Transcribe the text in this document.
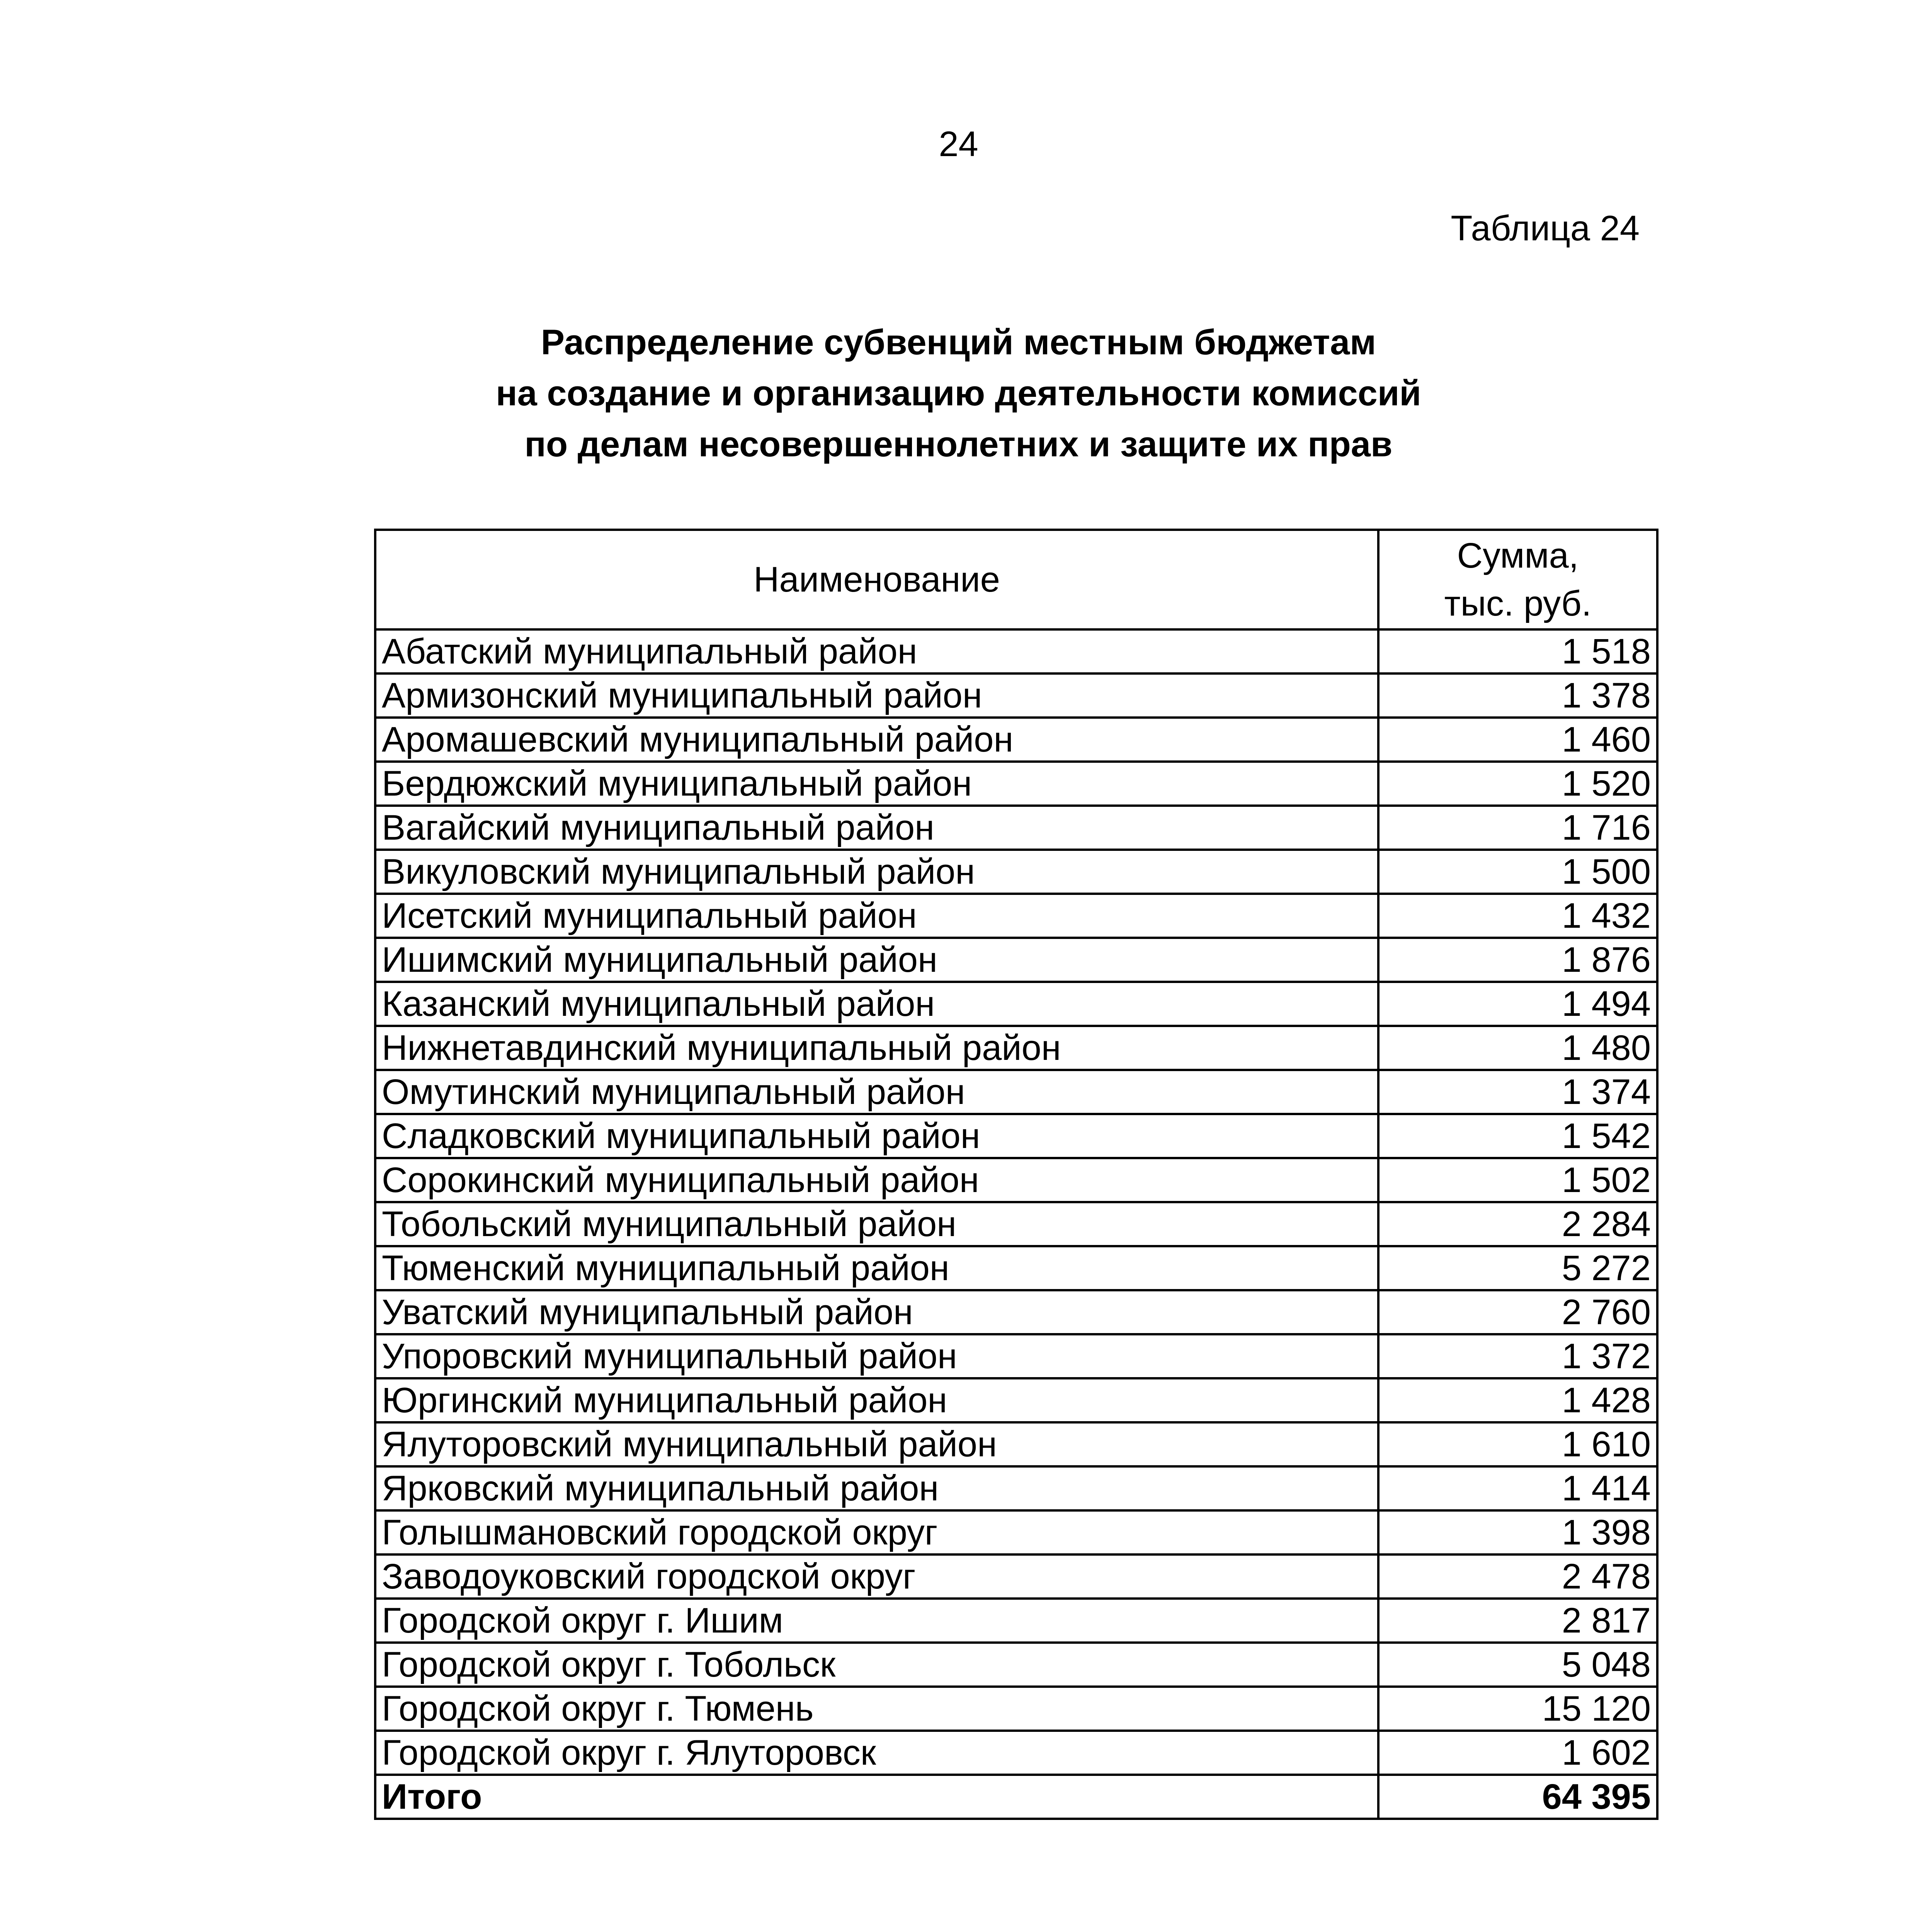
24
Таблица 24
Распределение субвенций местным бюджетам
на создание и организацию деятельности комиссий
по делам несовершеннолетних и защите их прав
Наименование	Сумма,
тыс. руб.

Абатский муниципальный район	1 518
Армизонский муниципальный район	1 378
Аромашевский муниципальный район	1 460
Бердюжский муниципальный район	1 520
Вагайский муниципальный район	1 716
Викуловский муниципальный район	1 500
Исетский муниципальный район	1 432
Ишимский муниципальный район	1 876
Казанский муниципальный район	1 494
Нижнетавдинский муниципальный район	1 480
Омутинский муниципальный район	1 374
Сладковский муниципальный район	1 542
Сорокинский муниципальный район	1 502
Тобольский муниципальный район	2 284
Тюменский муниципальный район	5 272
Уватский муниципальный район	2 760
Упоровский муниципальный район	1 372
Юргинский муниципальный район	1 428
Ялуторовский муниципальный район	1 610
Ярковский муниципальный район	1 414
Голышмановский городской округ	1 398
Заводоуковский городской округ	2 478
Городской округ г. Ишим	2 817
Городской округ г. Тобольск	5 048
Городской округ г. Тюмень	15 120
Городской округ г. Ялуторовск	1 602
Итого	64 395
